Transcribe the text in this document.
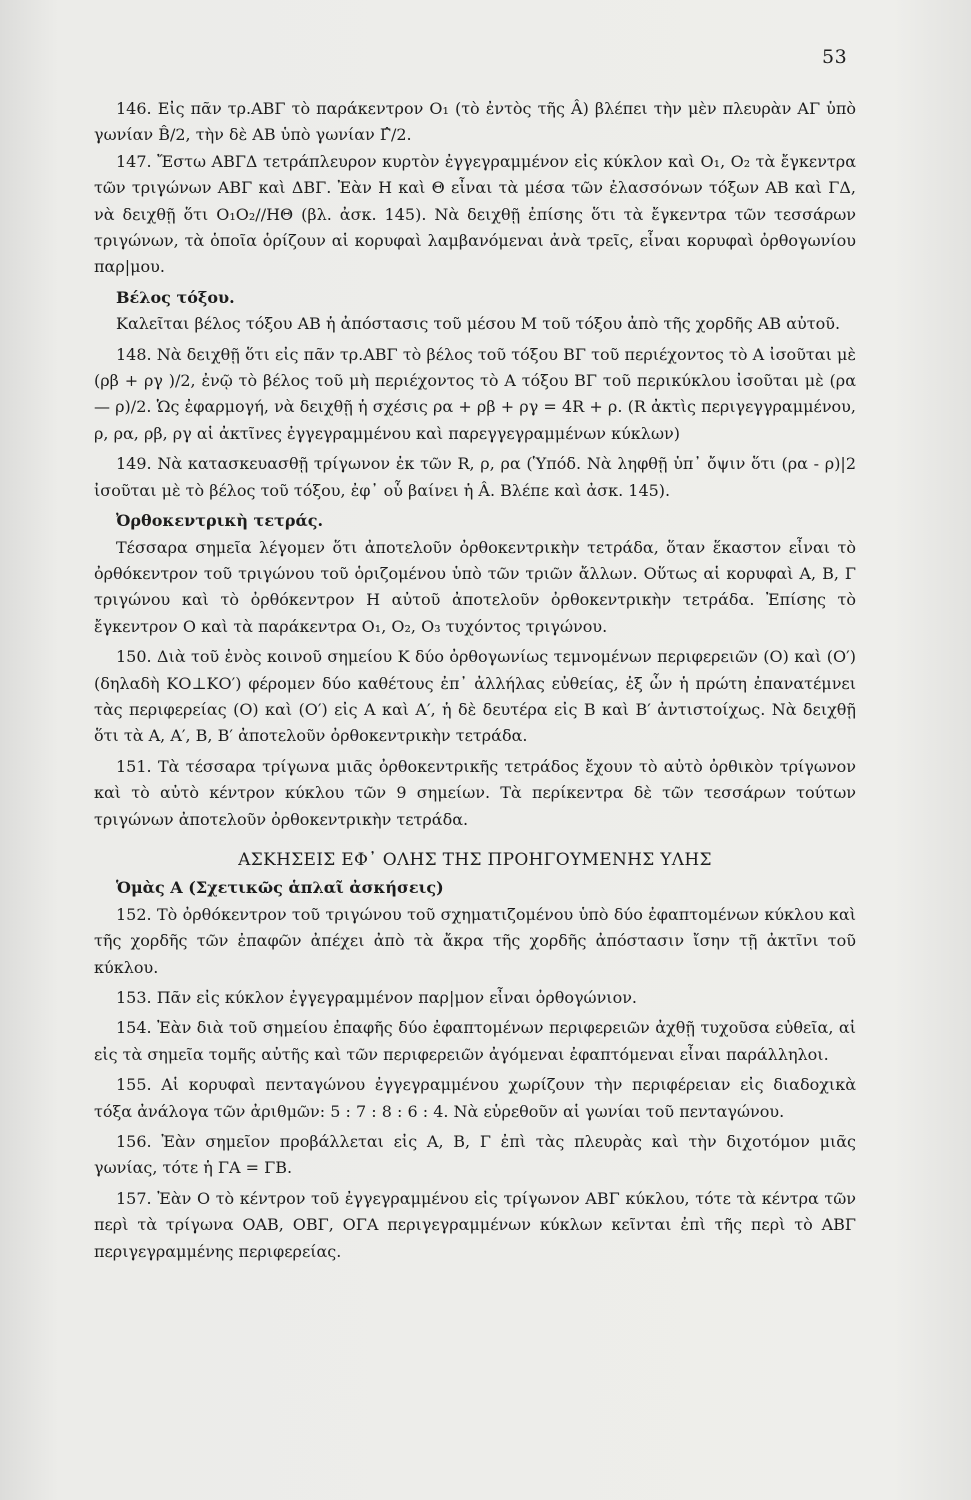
53

146. Εἰς πᾶν τρ.ΑΒΓ τὸ παράκεντρον O₁ (τὸ ἐντὸς τῆς Â) βλέπει τὴν μὲν πλευρὰν ΑΓ ὑπὸ γωνίαν B̂/2, τὴν δὲ ΑΒ ὑπὸ γωνίαν Γ̂/2.

147. Ἔστω ΑΒΓΔ τετράπλευρον κυρτὸν ἐγγεγραμμένον εἰς κύκλον καὶ O₁, O₂ τὰ ἔγκεντρα τῶν τριγώνων ΑΒΓ καὶ ΔΒΓ. Ἐὰν Η καὶ Θ εἶναι τὰ μέσα τῶν ἐλασσόνων τόξων ΑΒ καὶ ΓΔ, νὰ δειχθῇ ὅτι O₁O₂//ΗΘ (βλ. ἀσκ. 145). Νὰ δειχθῇ ἐπίσης ὅτι τὰ ἔγκεντρα τῶν τεσσάρων τριγώνων, τὰ ὁποῖα ὁρίζουν αἱ κορυφαὶ λαμβανόμεναι ἀνὰ τρεῖς, εἶναι κορυφαὶ ὀρθογωνίου παρ|μου.

Βέλος τόξου.

Καλεῖται βέλος τόξου ΑΒ ἡ ἀπόστασις τοῦ μέσου Μ τοῦ τόξου ἀπὸ τῆς χορδῆς ΑΒ αὐτοῦ.

148. Νὰ δειχθῇ ὅτι εἰς πᾶν τρ.ΑΒΓ τὸ βέλος τοῦ τόξου ΒΓ τοῦ περιέχοντος τὸ Α ἰσοῦται μὲ (ρβ + ργ )/2, ἐνῷ τὸ βέλος τοῦ μὴ περιέχοντος τὸ Α τόξου ΒΓ τοῦ περικύκλου ἰσοῦται μὲ (ρα — ρ)/2. Ὡς ἐφαρμογή, νὰ δειχθῇ ἡ σχέσις ρα + ρβ + ργ = 4R + ρ. (R ἀκτὶς περιγεγγραμμένου, ρ, ρα, ρβ, ργ αἱ ἀκτῖνες ἐγγεγραμμένου καὶ παρεγγεγραμμένων κύκλων)

149. Νὰ κατασκευασθῇ τρίγωνον ἐκ τῶν R, ρ, ρα (Ὑπόδ. Νὰ ληφθῇ ὑπ᾽ ὄψιν ὅτι (ρα - ρ)|2 ἰσοῦται μὲ τὸ βέλος τοῦ τόξου, ἐφ᾽ οὗ βαίνει ἡ Â. Βλέπε καὶ ἀσκ. 145).

Ὀρθοκεντρικὴ τετράς.

Τέσσαρα σημεῖα λέγομεν ὅτι ἀποτελοῦν ὀρθοκεντρικὴν τετράδα, ὅταν ἕκαστον εἶναι τὸ ὀρθόκεντρον τοῦ τριγώνου τοῦ ὁριζομένου ὑπὸ τῶν τριῶν ἄλλων. Οὕτως αἱ κορυφαὶ Α, Β, Γ τριγώνου καὶ τὸ ὀρθόκεντρον Η αὐτοῦ ἀποτελοῦν ὀρθοκεντρικὴν τετράδα. Ἐπίσης τὸ ἔγκεντρον Ο καὶ τὰ παράκεντρα O₁, O₂, O₃ τυχόντος τριγώνου.

150. Διὰ τοῦ ἑνὸς κοινοῦ σημείου Κ δύο ὀρθογωνίως τεμνομένων περιφερειῶν (Ο) καὶ (Ο′) (δηλαδὴ ΚΟ⊥ΚΟ′) φέρομεν δύο καθέτους ἐπ᾽ ἀλλήλας εὐθείας, ἐξ ὧν ἡ πρώτη ἐπανατέμνει τὰς περιφερείας (Ο) καὶ (Ο′) εἰς Α καὶ Α′, ἡ δὲ δευτέρα εἰς Β καὶ Β′ ἀντιστοίχως. Νὰ δειχθῇ ὅτι τὰ Α, Α′, Β, Β′ ἀποτελοῦν ὀρθοκεντρικὴν τετράδα.

151. Τὰ τέσσαρα τρίγωνα μιᾶς ὀρθοκεντρικῆς τετράδος ἔχουν τὸ αὐτὸ ὀρθικὸν τρίγωνον καὶ τὸ αὐτὸ κέντρον κύκλου τῶν 9 σημείων. Τὰ περίκεντρα δὲ τῶν τεσσάρων τούτων τριγώνων ἀποτελοῦν ὀρθοκεντρικὴν τετράδα.

ΑΣΚΗΣΕΙΣ ΕΦ᾽ ΟΛΗΣ ΤΗΣ ΠΡΟΗΓΟΥΜΕΝΗΣ ΥΛΗΣ

Ὁμὰς Α (Σχετικῶς ἁπλαῖ ἀσκήσεις)

152. Τὸ ὀρθόκεντρον τοῦ τριγώνου τοῦ σχηματιζομένου ὑπὸ δύο ἐφαπτομένων κύκλου καὶ τῆς χορδῆς τῶν ἐπαφῶν ἀπέχει ἀπὸ τὰ ἄκρα τῆς χορδῆς ἀπόστασιν ἴσην τῇ ἀκτῖνι τοῦ κύκλου.

153. Πᾶν εἰς κύκλον ἐγγεγραμμένον παρ|μον εἶναι ὀρθογώνιον.

154. Ἐὰν διὰ τοῦ σημείου ἐπαφῆς δύο ἐφαπτομένων περιφερειῶν ἀχθῇ τυχοῦσα εὐθεῖα, αἱ εἰς τὰ σημεῖα τομῆς αὐτῆς καὶ τῶν περιφερειῶν ἀγόμεναι ἐφαπτόμεναι εἶναι παράλληλοι.

155. Αἱ κορυφαὶ πενταγώνου ἐγγεγραμμένου χωρίζουν τὴν περιφέρειαν εἰς διαδοχικὰ τόξα ἀνάλογα τῶν ἀριθμῶν: 5 : 7 : 8 : 6 : 4. Νὰ εὑρεθοῦν αἱ γωνίαι τοῦ πενταγώνου.

156. Ἐὰν σημεῖον προβάλλεται εἰς Α, Β, Γ ἐπὶ τὰς πλευρὰς καὶ τὴν διχοτόμον μιᾶς γωνίας, τότε ἡ ΓΑ = ΓΒ.

157. Ἐὰν Ο τὸ κέντρον τοῦ ἐγγεγραμμένου εἰς τρίγωνον ΑΒΓ κύκλου, τότε τὰ κέντρα τῶν περὶ τὰ τρίγωνα ΟΑΒ, ΟΒΓ, ΟΓΑ περιγεγραμμένων κύκλων κεῖνται ἐπὶ τῆς περὶ τὸ ΑΒΓ περιγεγραμμένης περιφερείας.
